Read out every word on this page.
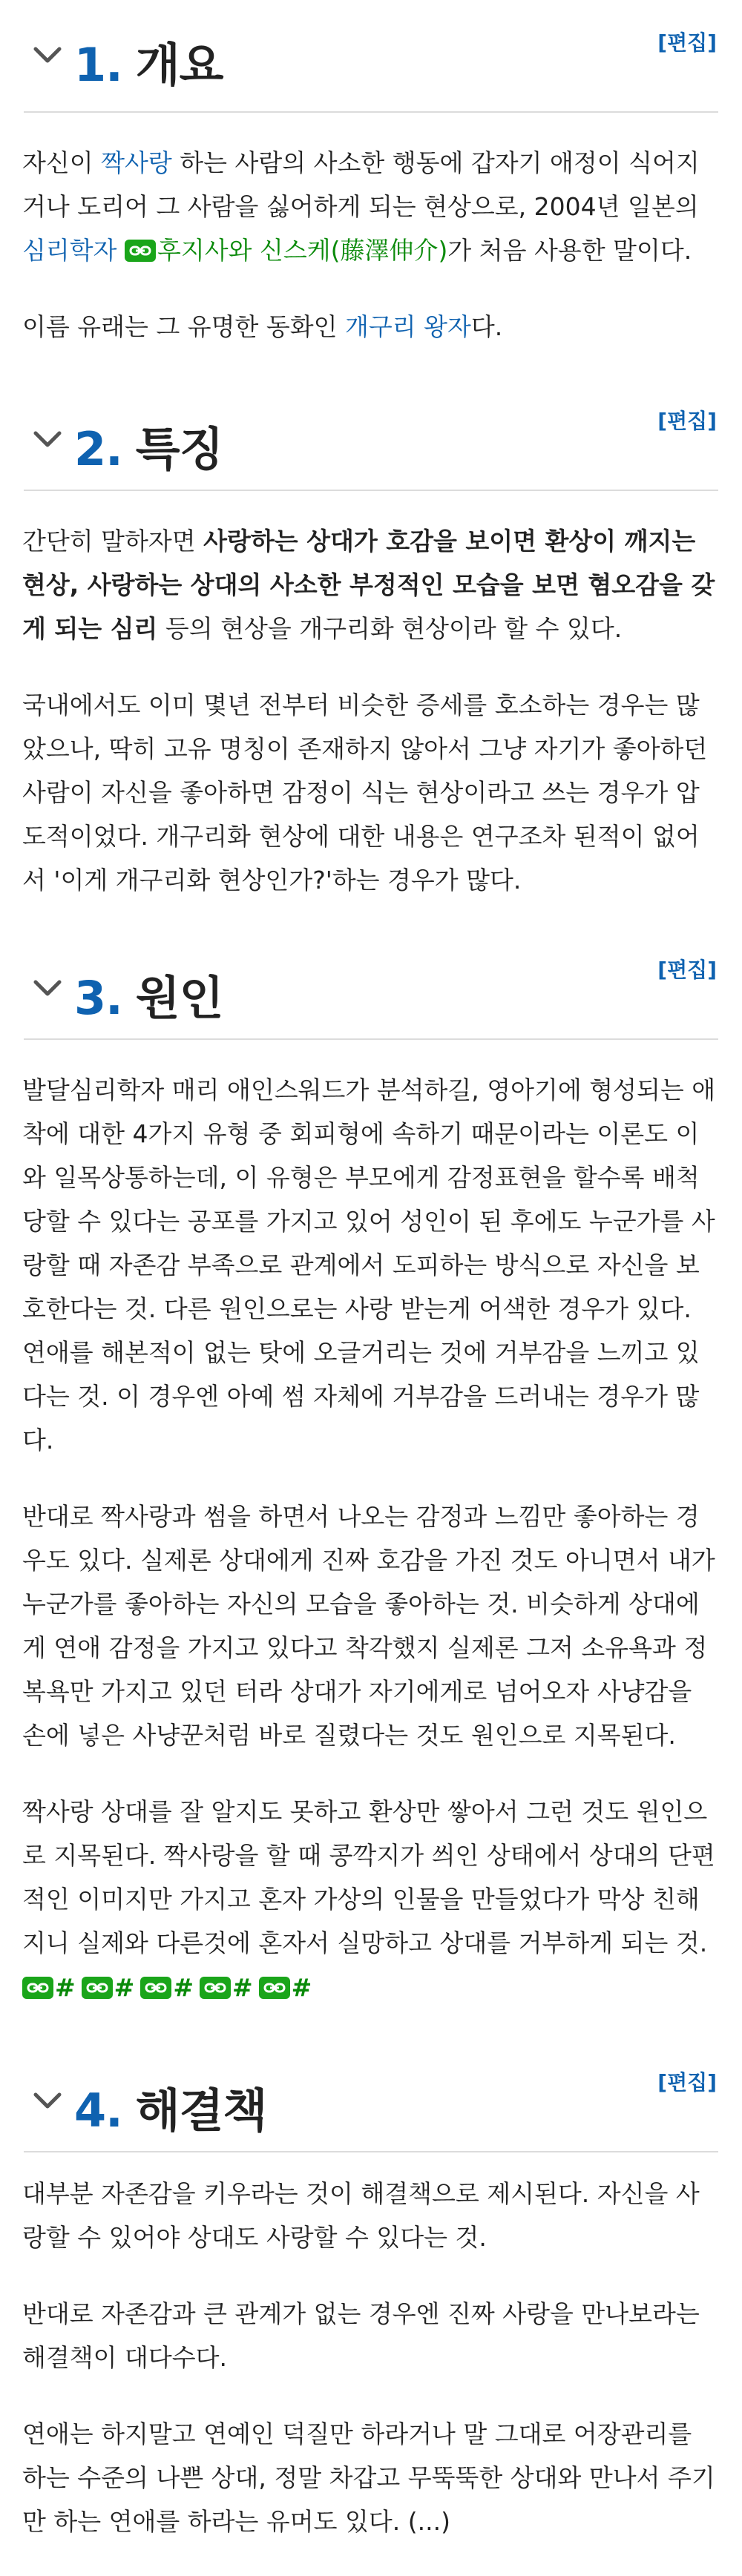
1. 개요	[편집]

자신이 짝사랑 하는 사람의 사소한 행동에 갑자기 애정이 식어지거나 도리어 그 사람을 싫어하게 되는 현상으로, 2004년 일본의 심리학자 후지사와 신스케(藤澤伸介)가 처음 사용한 말이다.

이름 유래는 그 유명한 동화인 개구리 왕자다.

2. 특징
[편집]

간단히 말하자면 사랑하는 상대가 호감을 보이면 환상이 깨지는 현상, 사랑하는 상대의 사소한 부정적인 모습을 보면 혐오감을 갖게 되는 심리 등의 현상을 개구리화 현상이라 할 수 있다.

국내에서도 이미 몇년 전부터 비슷한 증세를 호소하는 경우는 많았으나, 딱히 고유 명칭이 존재하지 않아서 그냥 자기가 좋아하던 사람이 자신을 좋아하면 감정이 식는 현상이라고 쓰는 경우가 압도적이었다. 개구리화 현상에 대한 내용은 연구조차 된적이 없어서 '이게 개구리화 현상인가?'하는 경우가 많다.

3. 원인
[편집]

발달심리학자 매리 애인스워드가 분석하길, 영아기에 형성되는 애착에 대한 4가지 유형 중 회피형에 속하기 때문이라는 이론도 이와 일목상통하는데, 이 유형은 부모에게 감정표현을 할수록 배척당할 수 있다는 공포를 가지고 있어 성인이 된 후에도 누군가를 사랑할 때 자존감 부족으로 관계에서 도피하는 방식으로 자신을 보호한다는 것. 다른 원인으로는 사랑 받는게 어색한 경우가 있다. 연애를 해본적이 없는 탓에 오글거리는 것에 거부감을 느끼고 있다는 것. 이 경우엔 아예 썸 자체에 거부감을 드러내는 경우가 많다.

반대로 짝사랑과 썸을 하면서 나오는 감정과 느낌만 좋아하는 경우도 있다. 실제론 상대에게 진짜 호감을 가진 것도 아니면서 내가 누군가를 좋아하는 자신의 모습을 좋아하는 것. 비슷하게 상대에게 연애 감정을 가지고 있다고 착각했지 실제론 그저 소유욕과 정복욕만 가지고 있던 터라 상대가 자기에게로 넘어오자 사냥감을 손에 넣은 사냥꾼처럼 바로 질렸다는 것도 원인으로 지목된다.

짝사랑 상대를 잘 알지도 못하고 환상만 쌓아서 그런 것도 원인으로 지목된다. 짝사랑을 할 때 콩깍지가 씌인 상태에서 상대의 단편적인 이미지만 가지고 혼자 가상의 인물을 만들었다가 막상 친해지니 실제와 다른것에 혼자서 실망하고 상대를 거부하게 되는 것.

# # # # #
4. 해결책
[편집]

대부분 자존감을 키우라는 것이 해결책으로 제시된다. 자신을 사랑할 수 있어야 상대도 사랑할 수 있다는 것.

반대로 자존감과 큰 관계가 없는 경우엔 진짜 사랑을 만나보라는 해결책이 대다수다.

연애는 하지말고 연예인 덕질만 하라거나 말 그대로 어장관리를 하는 수준의 나쁜 상대, 정말 차갑고 무뚝뚝한 상대와 만나서 주기만 하는 연애를 하라는 유머도 있다. (...)
